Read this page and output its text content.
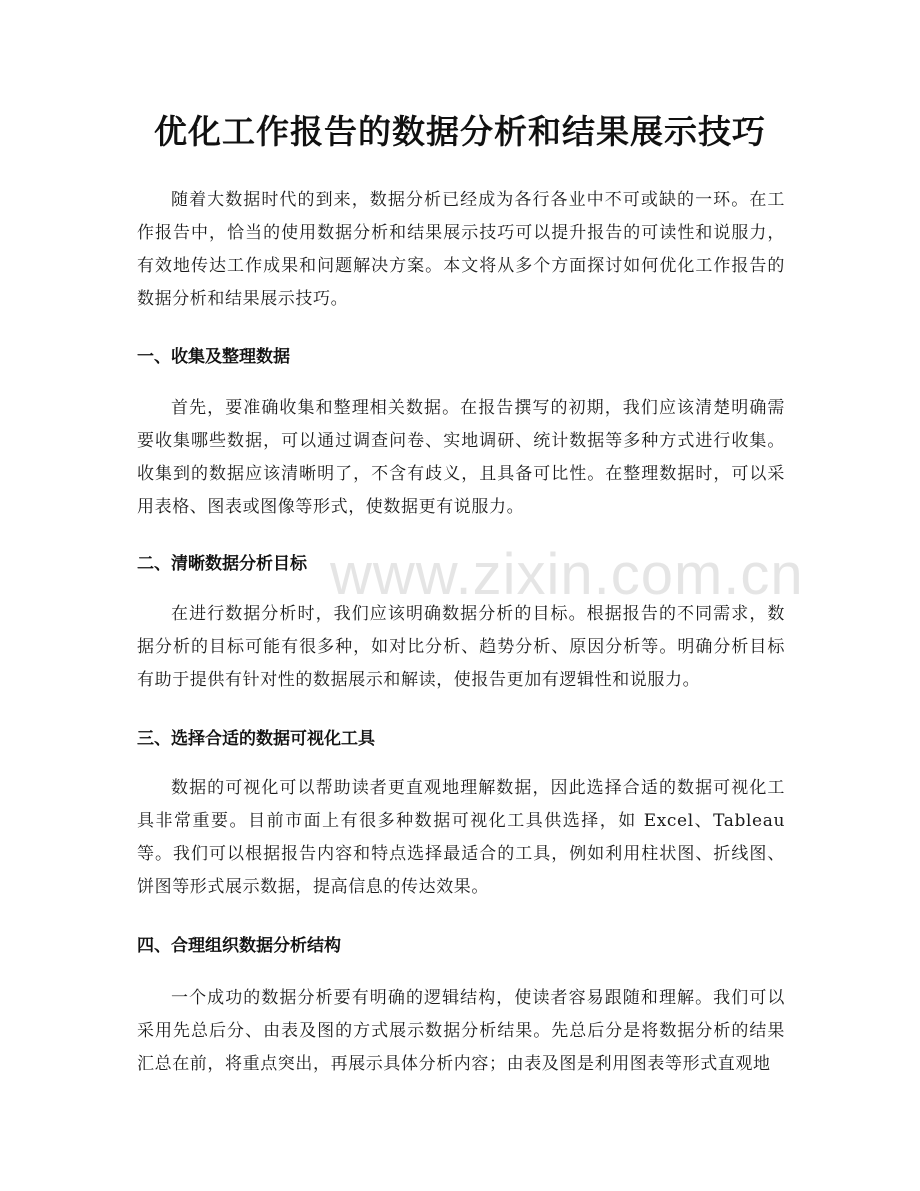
优化工作报告的数据分析和结果展示技巧

随着大数据时代的到来，数据分析已经成为各行各业中不可或缺的一环。在工作报告中，恰当的使用数据分析和结果展示技巧可以提升报告的可读性和说服力，有效地传达工作成果和问题解决方案。本文将从多个方面探讨如何优化工作报告的数据分析和结果展示技巧。

一、收集及整理数据

首先，要准确收集和整理相关数据。在报告撰写的初期，我们应该清楚明确需要收集哪些数据，可以通过调查问卷、实地调研、统计数据等多种方式进行收集。收集到的数据应该清晰明了，不含有歧义，且具备可比性。在整理数据时，可以采用表格、图表或图像等形式，使数据更有说服力。

二、清晰数据分析目标

在进行数据分析时，我们应该明确数据分析的目标。根据报告的不同需求，数据分析的目标可能有很多种，如对比分析、趋势分析、原因分析等。明确分析目标有助于提供有针对性的数据展示和解读，使报告更加有逻辑性和说服力。

三、选择合适的数据可视化工具

数据的可视化可以帮助读者更直观地理解数据，因此选择合适的数据可视化工具非常重要。目前市面上有很多种数据可视化工具供选择，如 Excel、Tableau 等。我们可以根据报告内容和特点选择最适合的工具，例如利用柱状图、折线图、饼图等形式展示数据，提高信息的传达效果。

四、合理组织数据分析结构

一个成功的数据分析要有明确的逻辑结构，使读者容易跟随和理解。我们可以采用先总后分、由表及图的方式展示数据分析结果。先总后分是将数据分析的结果汇总在前，将重点突出，再展示具体分析内容；由表及图是利用图表等形式直观地

www.zixin.com.cn
